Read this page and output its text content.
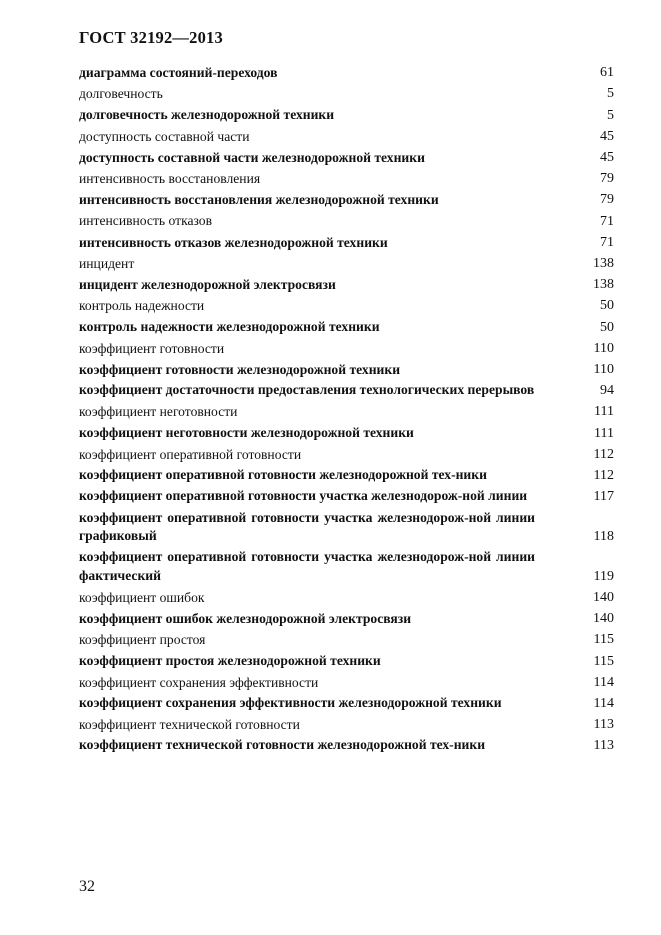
ГОСТ 32192—2013
диаграмма состояний-переходов	61
долговечность	5
долговечность железнодорожной техники	5
доступность составной части	45
доступность составной части железнодорожной техники	45
интенсивность восстановления	79
интенсивность восстановления железнодорожной техники	79
интенсивность отказов	71
интенсивность отказов железнодорожной техники	71
инцидент	138
инцидент железнодорожной электросвязи	138
контроль надежности	50
контроль надежности железнодорожной техники	50
коэффициент готовности	110
коэффициент готовности железнодорожной техники	110
коэффициент достаточности предоставления технологических перерывов	94
коэффициент неготовности	111
коэффициент неготовности железнодорожной техники	111
коэффициент оперативной готовности	112
коэффициент оперативной готовности железнодорожной тех-ники	112
коэффициент оперативной готовности участка железнодорож-ной линии	117
коэффициент оперативной готовности участка железнодорож-ной линии графиковый	118
коэффициент оперативной готовности участка железнодорож-ной линии фактический	119
коэффициент ошибок	140
коэффициент ошибок железнодорожной электросвязи	140
коэффициент простоя	115
коэффициент простоя железнодорожной техники	115
коэффициент сохранения эффективности	114
коэффициент сохранения эффективности железнодорожной техники	114
коэффициент технической готовности	113
коэффициент технической готовности железнодорожной тех-ники	113
32
